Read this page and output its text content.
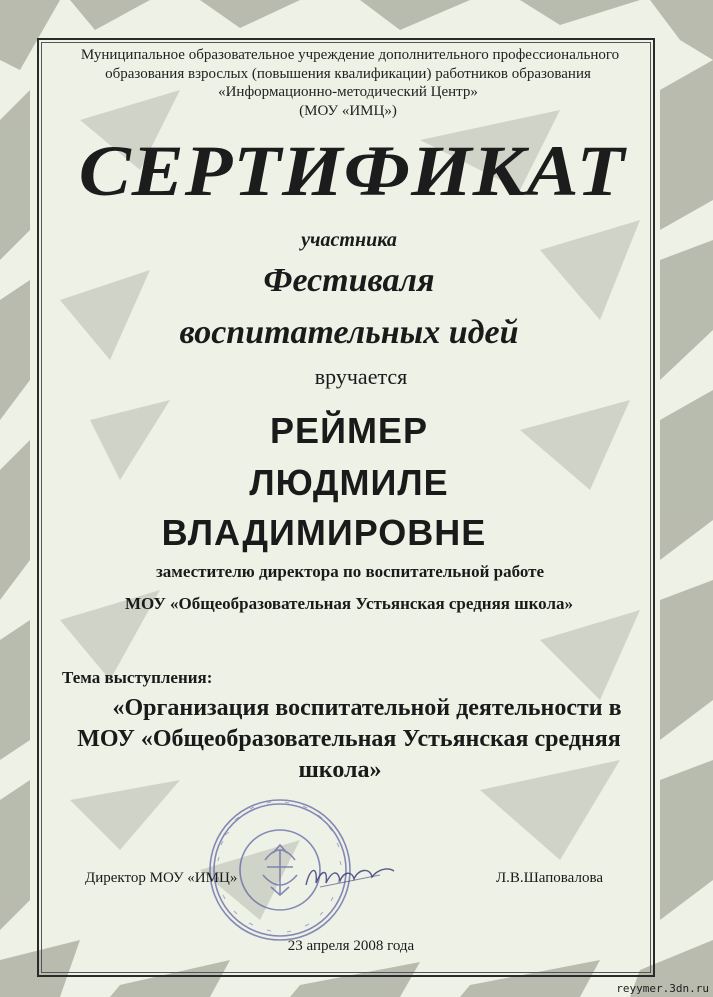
Муниципальное образовательное учреждение дополнительного профессионального
образования взрослых (повышения квалификации) работников образования
«Информационно-методический Центр»
(МОУ «ИМЦ»)
СЕРТИФИКАТ
участника
Фестиваля
воспитательных идей
вручается
РЕЙМЕР
ЛЮДМИЛЕ
ВЛАДИМИРОВНЕ
заместителю директора по воспитательной работе
МОУ «Общеобразовательная Устьянская средняя школа»
Тема выступления:
«Организация воспитательной деятельности в
МОУ «Общеобразовательная Устьянская средняя
школа»
Директор МОУ «ИМЦ»	Л.В.Шаповалова
23 апреля 2008 года
reyymer.3dn.ru
